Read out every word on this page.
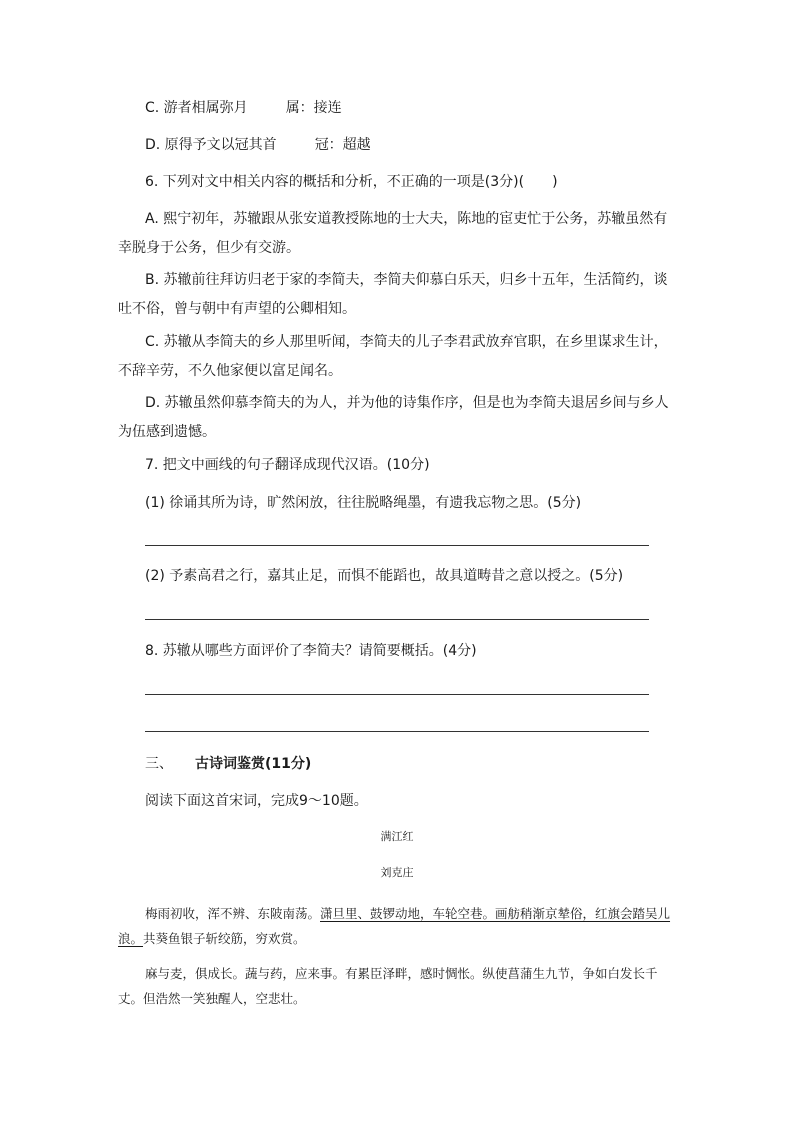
C. 游者相属弥月	属：接连
D. 原得予文以冠其首	冠：超越
6. 下列对文中相关内容的概括和分析，不正确的一项是(3分)(　　)
A. 熙宁初年，苏辙跟从张安道教授陈地的士大夫，陈地的宦吏忙于公务，苏辙虽然有幸脱身于公务，但少有交游。
B. 苏辙前往拜访归老于家的李简夫，李简夫仰慕白乐天，归乡十五年，生活简约，谈吐不俗，曾与朝中有声望的公卿相知。
C. 苏辙从李简夫的乡人那里听闻，李简夫的儿子李君武放弃官职，在乡里谋求生计，不辞辛劳，不久他家便以富足闻名。
D. 苏辙虽然仰慕李简夫的为人，并为他的诗集作序，但是也为李简夫退居乡间与乡人为伍感到遗憾。
7. 把文中画线的句子翻译成现代汉语。(10分)
(1) 徐诵其所为诗，旷然闲放，往往脱略绳墨，有遗我忘物之思。(5分)
(2) 予素高君之行，嘉其止足，而惧不能蹈也，故具道畴昔之意以授之。(5分)
8. 苏辙从哪些方面评价了李简夫？请简要概括。(4分)
三、 古诗词鉴赏(11分)
阅读下面这首宋词，完成9～10题。
满江红
刘克庄
梅雨初收，浑不辨、东陂南荡。潇旦里、鼓锣动地，车轮空巷。画舫稍渐京辇俗，红旗会踏吴儿浪。共葵鱼银子斩绞筋，穷欢赏。
麻与麦，俱成长。蔬与药，应来事。有累臣泽畔，感时惆怅。纵使菖蒲生九节，争如白发长千丈。但浩然一笑独醒人，空悲壮。
